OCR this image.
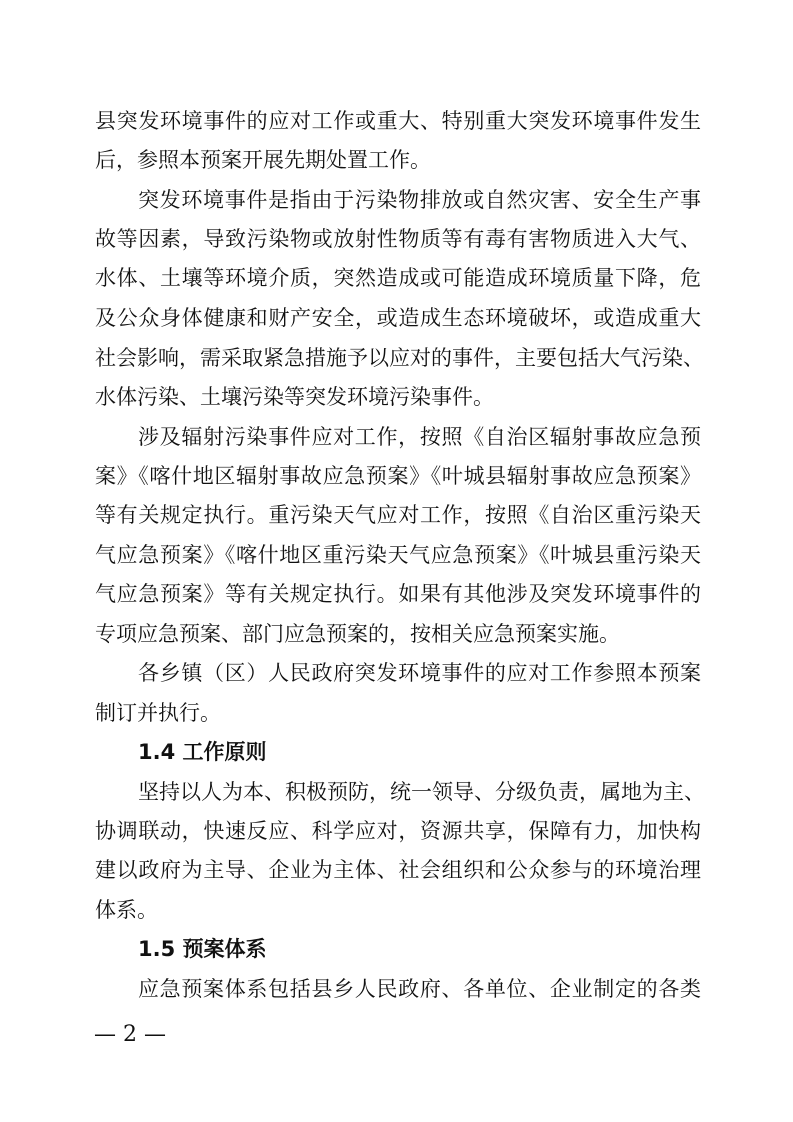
县突发环境事件的应对工作或重大、特别重大突发环境事件发生
后，参照本预案开展先期处置工作。
突发环境事件是指由于污染物排放或自然灾害、安全生产事
故等因素，导致污染物或放射性物质等有毒有害物质进入大气、
水体、土壤等环境介质，突然造成或可能造成环境质量下降，危
及公众身体健康和财产安全，或造成生态环境破坏，或造成重大
社会影响，需采取紧急措施予以应对的事件，主要包括大气污染、
水体污染、土壤污染等突发环境污染事件。
涉及辐射污染事件应对工作，按照《自治区辐射事故应急预
案》《喀什地区辐射事故应急预案》《叶城县辐射事故应急预案》
等有关规定执行。重污染天气应对工作，按照《自治区重污染天
气应急预案》《喀什地区重污染天气应急预案》《叶城县重污染天
气应急预案》等有关规定执行。如果有其他涉及突发环境事件的
专项应急预案、部门应急预案的，按相关应急预案实施。
各乡镇（区）人民政府突发环境事件的应对工作参照本预案
制订并执行。
1.4 工作原则
坚持以人为本、积极预防，统一领导、分级负责，属地为主、
协调联动，快速反应、科学应对，资源共享，保障有力，加快构
建以政府为主导、企业为主体、社会组织和公众参与的环境治理
体系。
1.5 预案体系
应急预案体系包括县乡人民政府、各单位、企业制定的各类
— 2 —
